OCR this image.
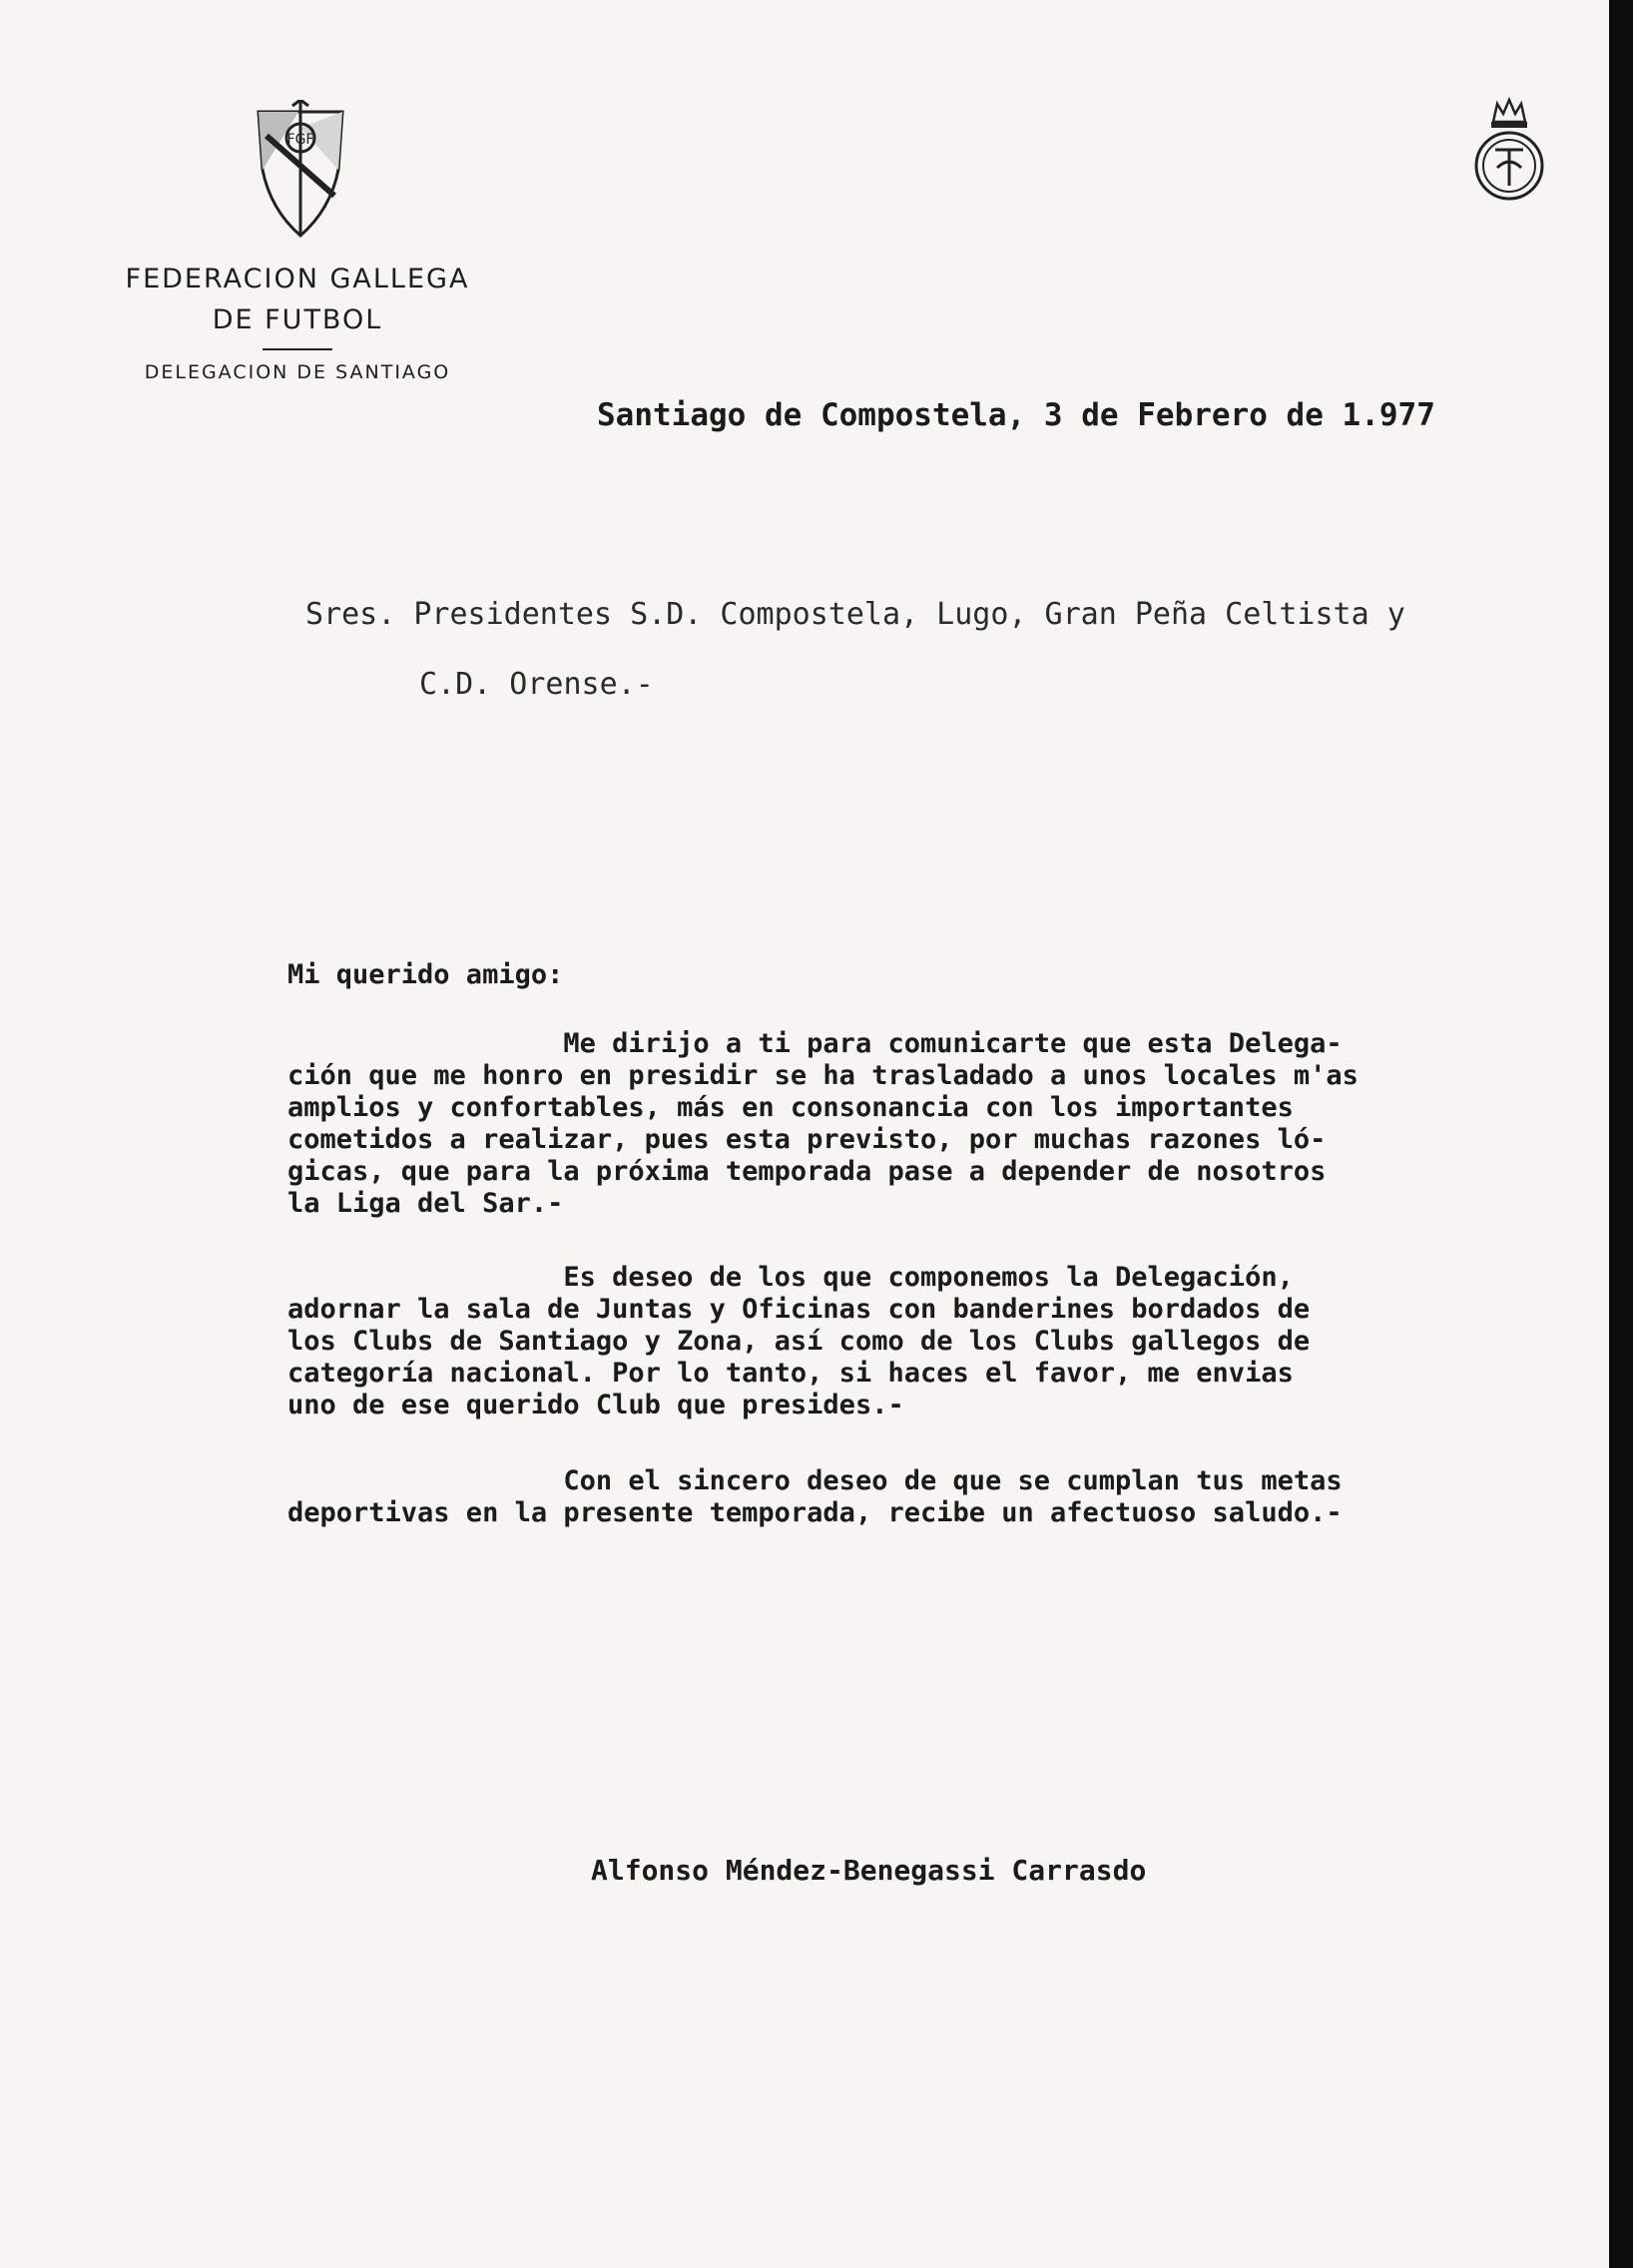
FGF
FEDERACION GALLEGA
DE FUTBOL
DELEGACION DE SANTIAGO
Santiago de Compostela, 3 de Febrero de 1.977
Sres. Presidentes S.D. Compostela, Lugo, Gran Peña Celtista y
C.D. Orense.-
Mi querido amigo:
Me dirijo a ti para comunicarte que esta Delega-
ción que me honro en presidir se ha trasladado a unos locales m'as
amplios y confortables, más en consonancia con los importantes
cometidos a realizar, pues esta previsto, por muchas razones ló-
gicas, que para la próxima temporada pase a depender de nosotros
la Liga del Sar.-
Es deseo de los que componemos la Delegación,
adornar la sala de Juntas y Oficinas con banderines bordados de
los Clubs de Santiago y Zona, así como de los Clubs gallegos de
categoría nacional. Por lo tanto, si haces el favor, me envias
uno de ese querido Club que presides.-
Con el sincero deseo de que se cumplan tus metas
deportivas en la presente temporada, recibe un afectuoso saludo.-
Alfonso Méndez-Benegassi Carrasdo
